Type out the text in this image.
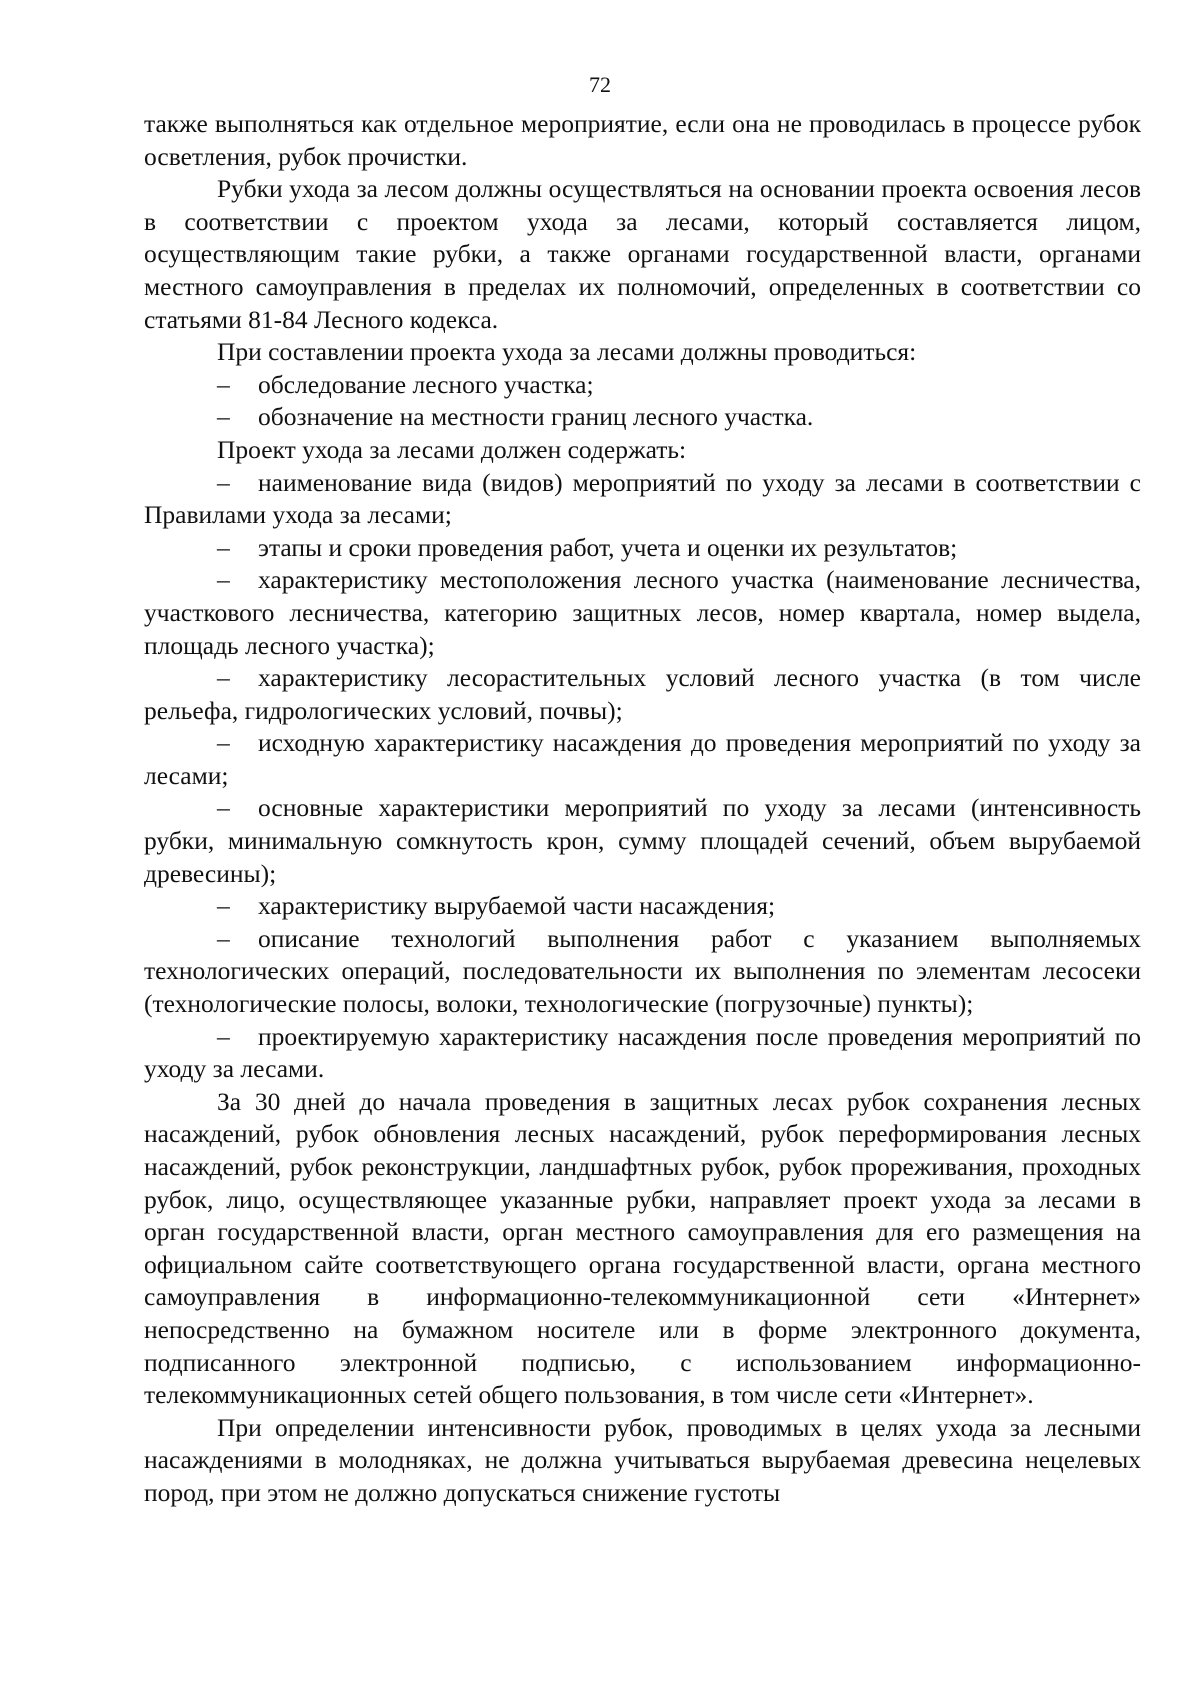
72

также выполняться как отдельное мероприятие, если она не проводилась в процессе рубок осветления, рубок прочистки.

Рубки ухода за лесом должны осуществляться на основании проекта освоения лесов в соответствии с проектом ухода за лесами, который составляется лицом, осуществляющим такие рубки, а также органами государственной власти, органами местного самоуправления в пределах их полномочий, определенных в соответствии со статьями 81-84 Лесного кодекса.

При составлении проекта ухода за лесами должны проводиться:

– обследование лесного участка;

– обозначение на местности границ лесного участка.

Проект ухода за лесами должен содержать:

– наименование вида (видов) мероприятий по уходу за лесами в соответствии с Правилами ухода за лесами;

– этапы и сроки проведения работ, учета и оценки их результатов;

– характеристику местоположения лесного участка (наименование лесничества, участкового лесничества, категорию защитных лесов, номер квартала, номер выдела, площадь лесного участка);

– характеристику лесорастительных условий лесного участка (в том числе рельефа, гидрологических условий, почвы);

– исходную характеристику насаждения до проведения мероприятий по уходу за лесами;

– основные характеристики мероприятий по уходу за лесами (интенсивность рубки, минимальную сомкнутость крон, сумму площадей сечений, объем вырубаемой древесины);

– характеристику вырубаемой части насаждения;

– описание технологий выполнения работ с указанием выполняемых технологических операций, последовательности их выполнения по элементам лесосеки (технологические полосы, волоки, технологические (погрузочные) пункты);

– проектируемую характеристику насаждения после проведения мероприятий по уходу за лесами.

За 30 дней до начала проведения в защитных лесах рубок сохранения лесных насаждений, рубок обновления лесных насаждений, рубок переформирования лесных насаждений, рубок реконструкции, ландшафтных рубок, рубок прореживания, проходных рубок, лицо, осуществляющее указанные рубки, направляет проект ухода за лесами в орган государственной власти, орган местного самоуправления для его размещения на официальном сайте соответствующего органа государственной власти, органа местного самоуправления в информационно-телекоммуникационной сети «Интернет» непосредственно на бумажном носителе или в форме электронного документа, подписанного электронной подписью, с использованием информационно-телекоммуникационных сетей общего пользования, в том числе сети «Интернет».

При определении интенсивности рубок, проводимых в целях ухода за лесными насаждениями в молодняках, не должна учитываться вырубаемая древесина нецелевых пород, при этом не должно допускаться снижение густоты
